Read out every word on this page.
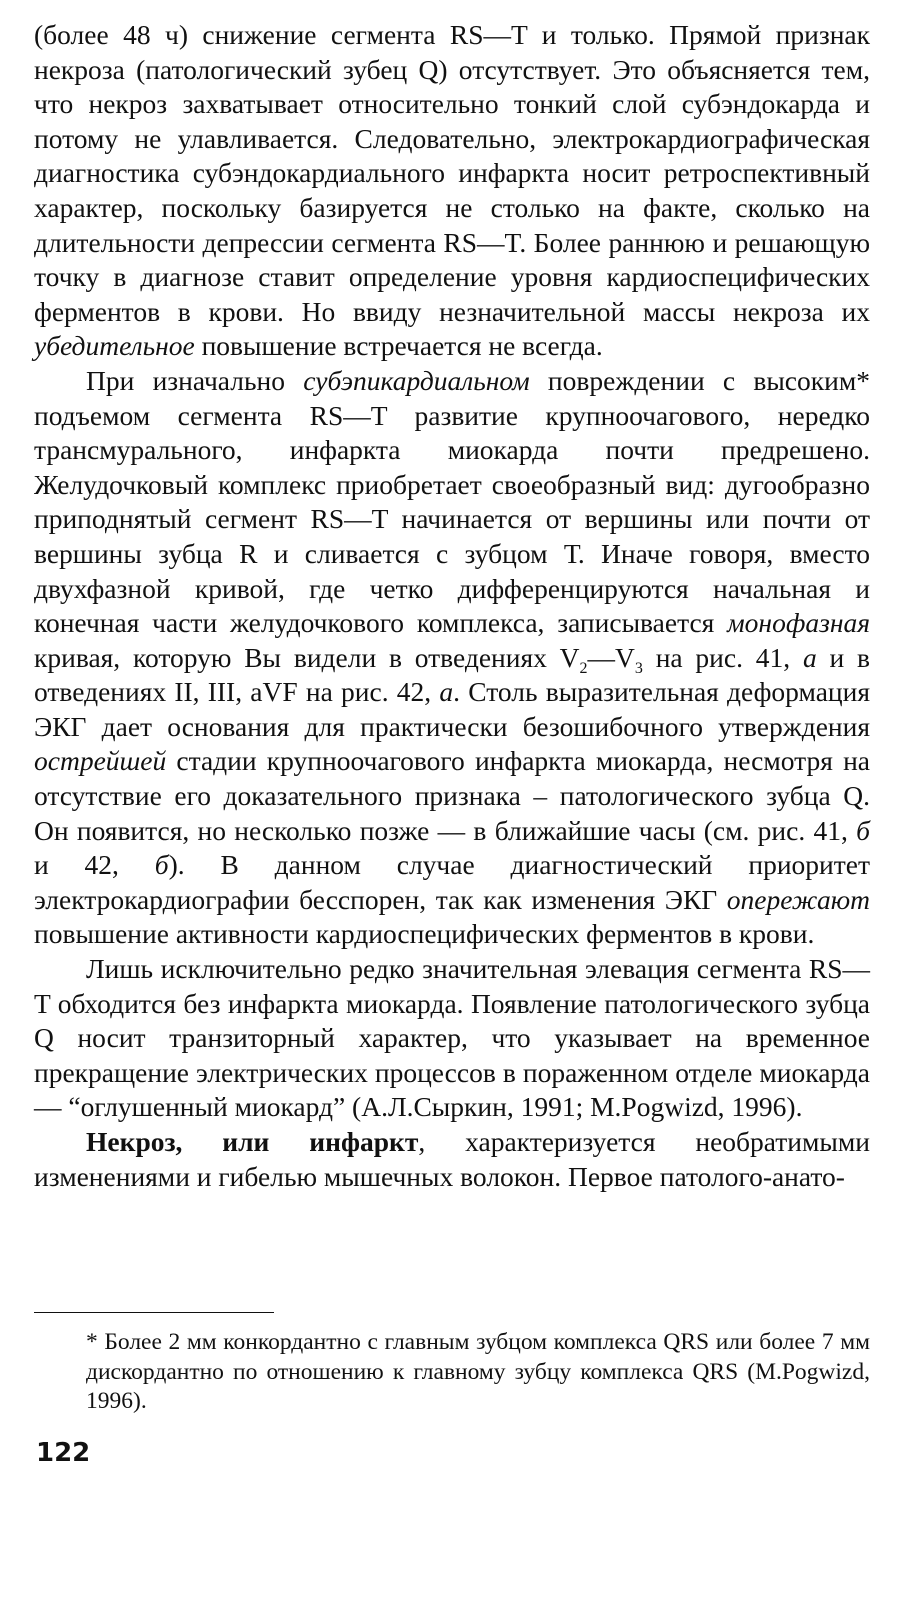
(более 48 ч) снижение сегмента RS—T и только. Прямой признак некроза (патологический зубец Q) отсутствует. Это объясняется тем, что некроз захватывает относительно тонкий слой субэндокарда и потому не улавливается. Следовательно, электрокардиографическая диагностика субэндокардиального инфаркта носит ретроспективный характер, поскольку базируется не столько на факте, сколько на длительности депрессии сегмента RS—T. Более раннюю и решающую точку в диагнозе ставит определение уровня кардиоспецифических ферментов в крови. Но ввиду незначительной массы некроза их убедительное повышение встречается не всегда.

При изначально субэпикардиальном повреждении с высоким* подъемом сегмента RS—T развитие крупноочагового, нередко трансмурального, инфаркта миокарда почти предрешено. Желудочковый комплекс приобретает своеобразный вид: дугообразно приподнятый сегмент RS—T начинается от вершины или почти от вершины зубца R и сливается с зубцом Т. Иначе говоря, вместо двухфазной кривой, где четко дифференцируются начальная и конечная части желудочкового комплекса, записывается монофазная кривая, которую Вы видели в отведениях $V_2—V_3$ на рис. 41, а и в отведениях II, III, aVF на рис. 42, а. Столь выразительная деформация ЭКГ дает основания для практически безошибочного утверждения острейшей стадии крупноочагового инфаркта миокарда, несмотря на отсутствие его доказательного признака – патологического зубца Q. Он появится, но несколько позже — в ближайшие часы (см. рис. 41, б и 42, б). В данном случае диагностический приоритет электрокардиографии бесспорен, так как изменения ЭКГ опережают повышение активности кардиоспецифических ферментов в крови.

Лишь исключительно редко значительная элевация сегмента RS—T обходится без инфаркта миокарда. Появление патологического зубца Q носит транзиторный характер, что указывает на временное прекращение электрических процессов в пораженном отделе миокарда — “оглушенный миокард” (А.Л.Сыркин, 1991; M.Pogwizd, 1996).

Некроз, или инфаркт, характеризуется необратимыми изменениями и гибелью мышечных волокон. Первое патолого-анато-

* Более 2 мм конкордантно с главным зубцом комплекса QRS или более 7 мм дискордантно по отношению к главному зубцу комплекса QRS (M.Pogwizd, 1996).
122
